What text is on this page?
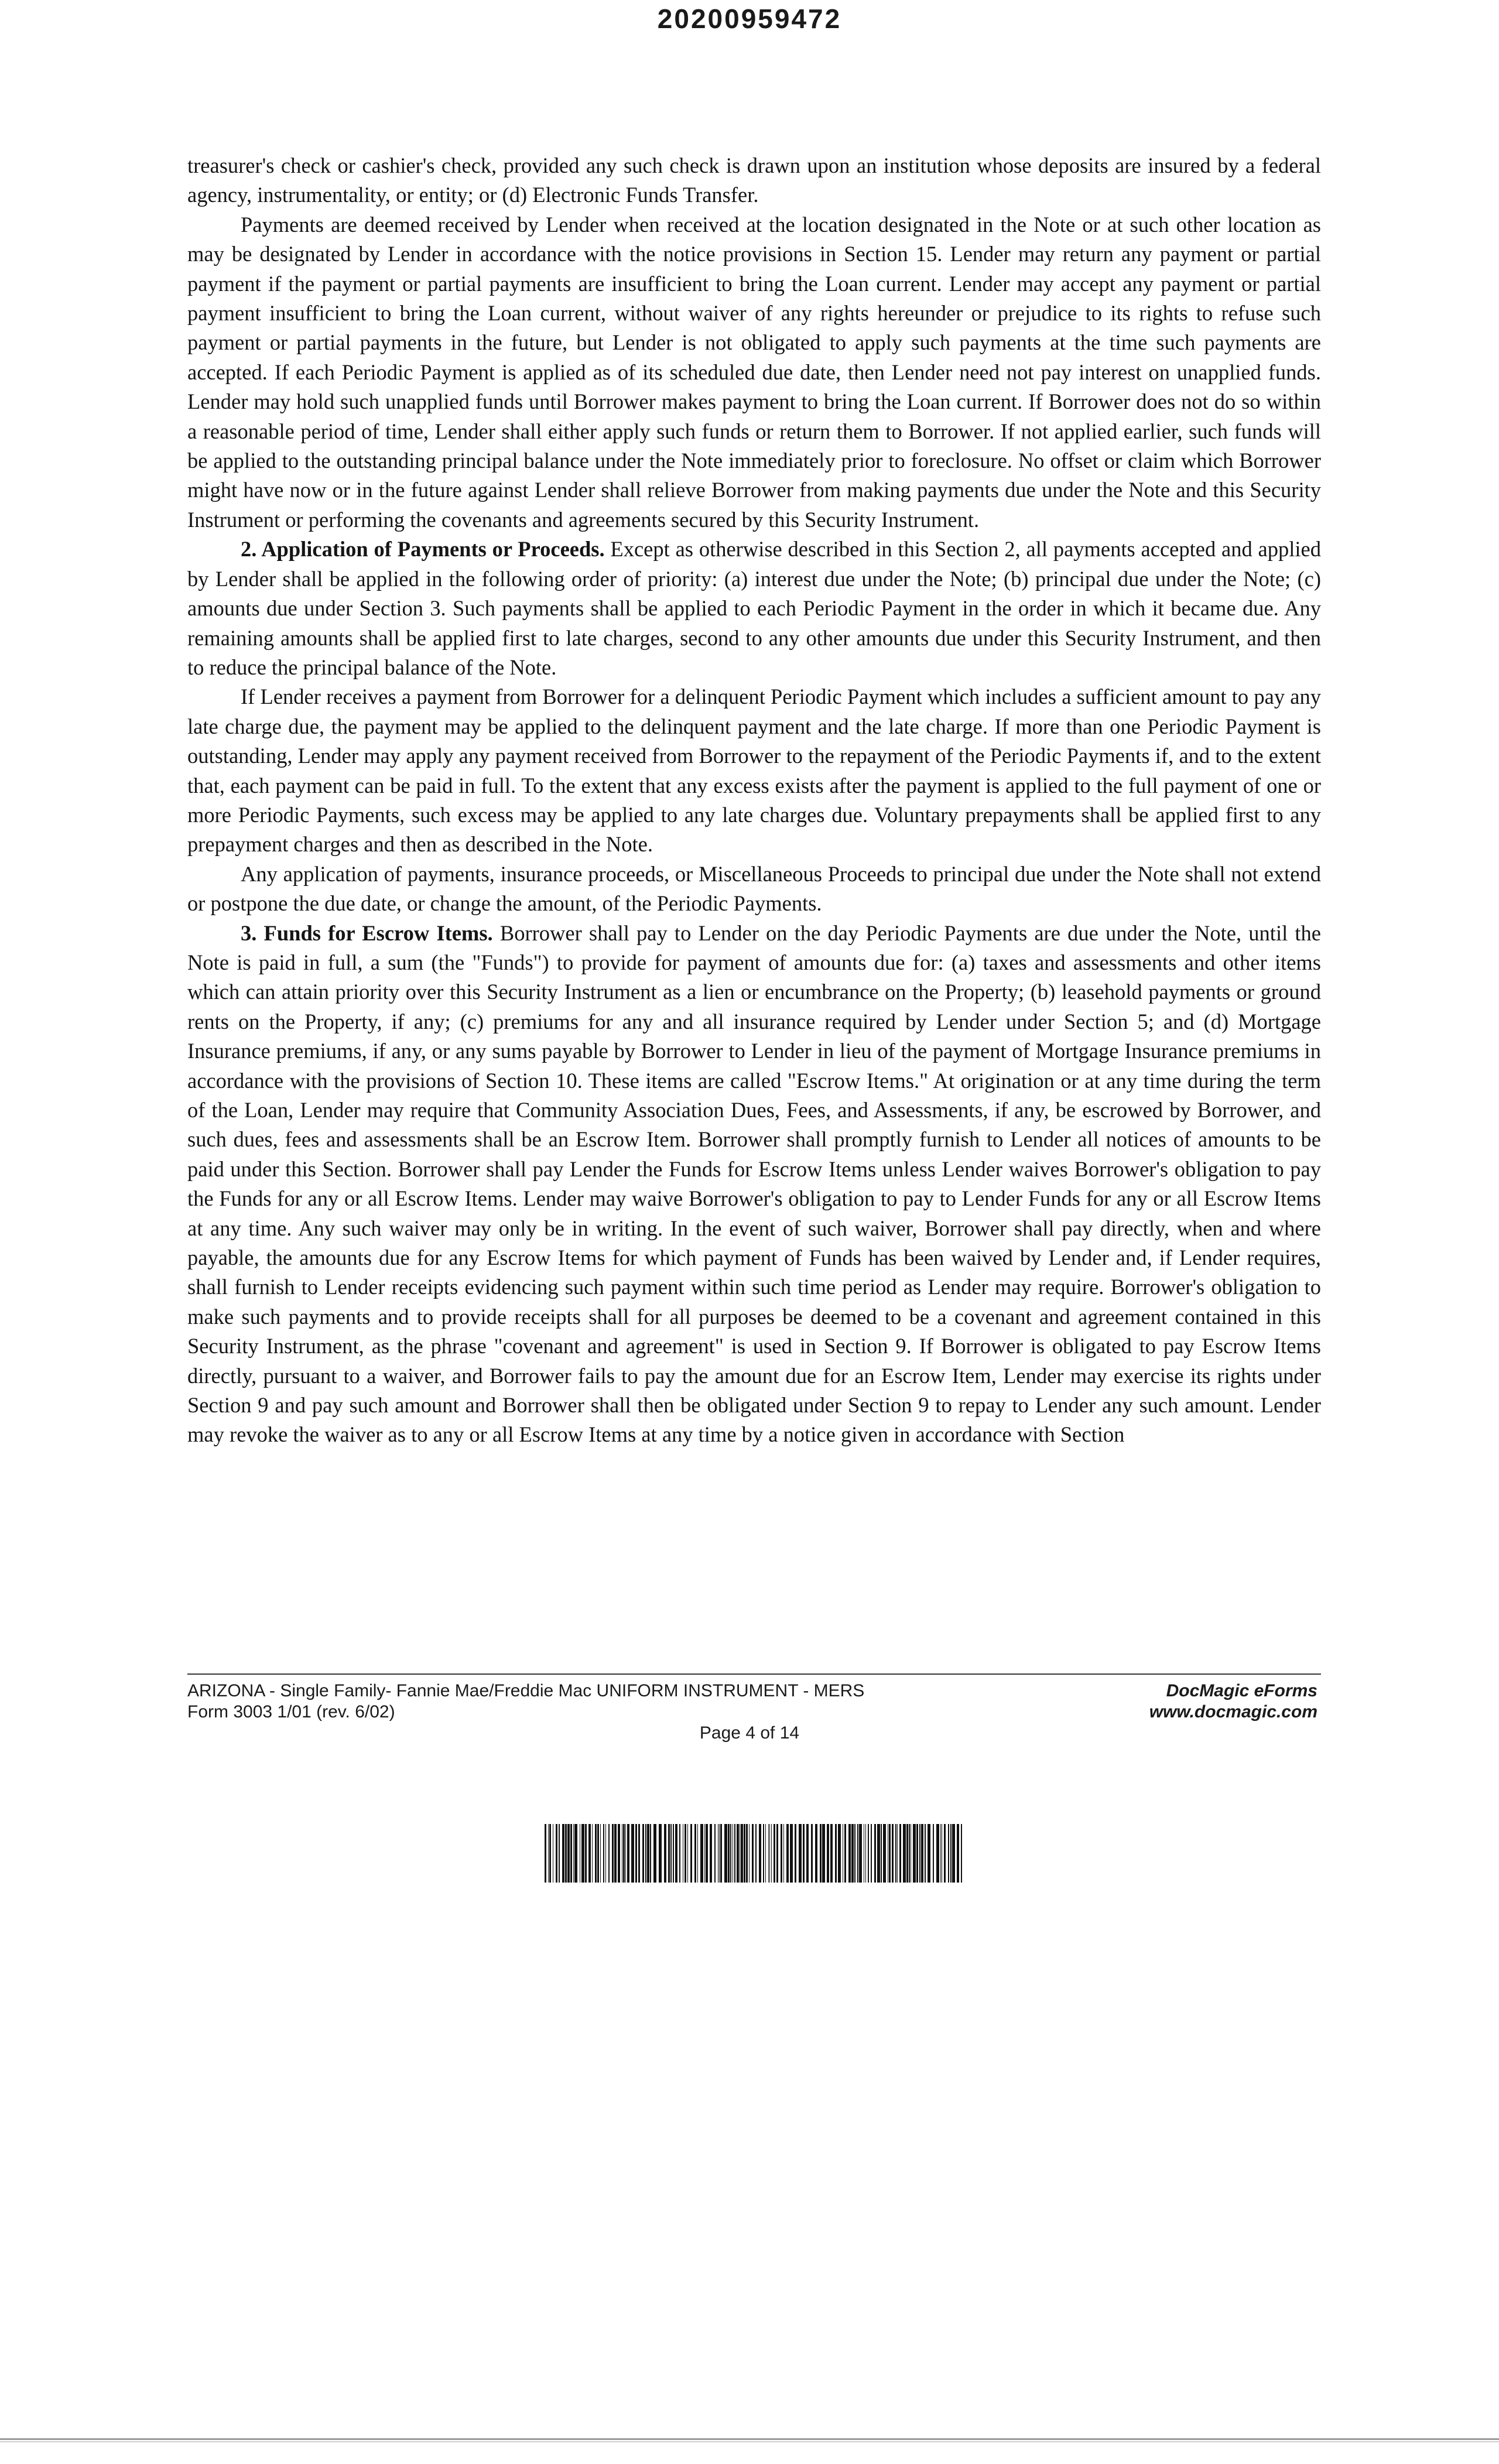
20200959472

treasurer's check or cashier's check, provided any such check is drawn upon an institution whose deposits are insured by a federal agency, instrumentality, or entity; or (d) Electronic Funds Transfer.

Payments are deemed received by Lender when received at the location designated in the Note or at such other location as may be designated by Lender in accordance with the notice provisions in Section 15. Lender may return any payment or partial payment if the payment or partial payments are insufficient to bring the Loan current. Lender may accept any payment or partial payment insufficient to bring the Loan current, without waiver of any rights hereunder or prejudice to its rights to refuse such payment or partial payments in the future, but Lender is not obligated to apply such payments at the time such payments are accepted. If each Periodic Payment is applied as of its scheduled due date, then Lender need not pay interest on unapplied funds. Lender may hold such unapplied funds until Borrower makes payment to bring the Loan current. If Borrower does not do so within a reasonable period of time, Lender shall either apply such funds or return them to Borrower. If not applied earlier, such funds will be applied to the outstanding principal balance under the Note immediately prior to foreclosure. No offset or claim which Borrower might have now or in the future against Lender shall relieve Borrower from making payments due under the Note and this Security Instrument or performing the covenants and agreements secured by this Security Instrument.

2. Application of Payments or Proceeds. Except as otherwise described in this Section 2, all payments accepted and applied by Lender shall be applied in the following order of priority: (a) interest due under the Note; (b) principal due under the Note; (c) amounts due under Section 3. Such payments shall be applied to each Periodic Payment in the order in which it became due. Any remaining amounts shall be applied first to late charges, second to any other amounts due under this Security Instrument, and then to reduce the principal balance of the Note.

If Lender receives a payment from Borrower for a delinquent Periodic Payment which includes a sufficient amount to pay any late charge due, the payment may be applied to the delinquent payment and the late charge. If more than one Periodic Payment is outstanding, Lender may apply any payment received from Borrower to the repayment of the Periodic Payments if, and to the extent that, each payment can be paid in full. To the extent that any excess exists after the payment is applied to the full payment of one or more Periodic Payments, such excess may be applied to any late charges due. Voluntary prepayments shall be applied first to any prepayment charges and then as described in the Note.

Any application of payments, insurance proceeds, or Miscellaneous Proceeds to principal due under the Note shall not extend or postpone the due date, or change the amount, of the Periodic Payments.

3. Funds for Escrow Items. Borrower shall pay to Lender on the day Periodic Payments are due under the Note, until the Note is paid in full, a sum (the "Funds") to provide for payment of amounts due for: (a) taxes and assessments and other items which can attain priority over this Security Instrument as a lien or encumbrance on the Property; (b) leasehold payments or ground rents on the Property, if any; (c) premiums for any and all insurance required by Lender under Section 5; and (d) Mortgage Insurance premiums, if any, or any sums payable by Borrower to Lender in lieu of the payment of Mortgage Insurance premiums in accordance with the provisions of Section 10. These items are called "Escrow Items." At origination or at any time during the term of the Loan, Lender may require that Community Association Dues, Fees, and Assessments, if any, be escrowed by Borrower, and such dues, fees and assessments shall be an Escrow Item. Borrower shall promptly furnish to Lender all notices of amounts to be paid under this Section. Borrower shall pay Lender the Funds for Escrow Items unless Lender waives Borrower's obligation to pay the Funds for any or all Escrow Items. Lender may waive Borrower's obligation to pay to Lender Funds for any or all Escrow Items at any time. Any such waiver may only be in writing. In the event of such waiver, Borrower shall pay directly, when and where payable, the amounts due for any Escrow Items for which payment of Funds has been waived by Lender and, if Lender requires, shall furnish to Lender receipts evidencing such payment within such time period as Lender may require. Borrower's obligation to make such payments and to provide receipts shall for all purposes be deemed to be a covenant and agreement contained in this Security Instrument, as the phrase "covenant and agreement" is used in Section 9. If Borrower is obligated to pay Escrow Items directly, pursuant to a waiver, and Borrower fails to pay the amount due for an Escrow Item, Lender may exercise its rights under Section 9 and pay such amount and Borrower shall then be obligated under Section 9 to repay to Lender any such amount. Lender may revoke the waiver as to any or all Escrow Items at any time by a notice given in accordance with Section

ARIZONA - Single Family- Fannie Mae/Freddie Mac UNIFORM INSTRUMENT - MERS
Form 3003 1/01 (rev. 6/02)
DocMagic eForms
www.docmagic.com
Page 4 of 14
